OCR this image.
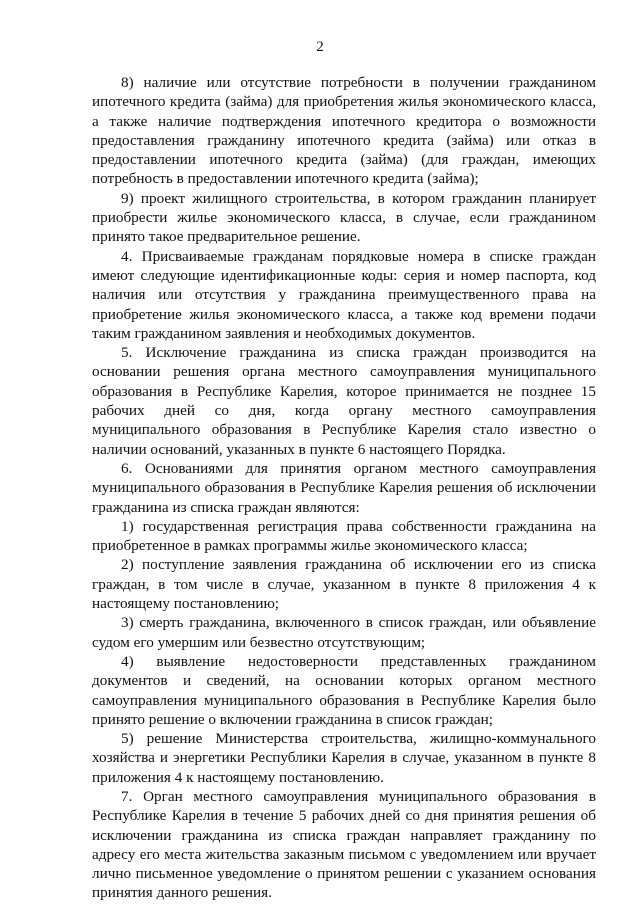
2

8) наличие или отсутствие потребности в получении гражданином ипотечного кредита (займа) для приобретения жилья экономического класса, а также наличие подтверждения ипотечного кредитора о возможности предоставления гражданину ипотечного кредита (займа) или отказ в предоставлении ипотечного кредита (займа) (для граждан, имеющих потребность в предоставлении ипотечного кредита (займа);

9) проект жилищного строительства, в котором гражданин планирует приобрести жилье экономического класса, в случае, если гражданином принято такое предварительное решение.

4. Присваиваемые гражданам порядковые номера в списке граждан имеют следующие идентификационные коды: серия и номер паспорта, код наличия или отсутствия у гражданина преимущественного права на приобретение жилья экономического класса, а также код времени подачи таким гражданином заявления и необходимых документов.

5. Исключение гражданина из списка граждан производится на основании решения органа местного самоуправления муниципального образования в Республике Карелия, которое принимается не позднее 15 рабочих дней со дня, когда органу местного самоуправления муниципального образования в Республике Карелия стало известно о наличии оснований, указанных в пункте 6 настоящего Порядка.

6. Основаниями для принятия органом местного самоуправления муниципального образования в Республике Карелия решения об исключении гражданина из списка граждан являются:

1) государственная регистрация права собственности гражданина на приобретенное в рамках программы жилье экономического класса;

2) поступление заявления гражданина об исключении его из списка граждан, в том числе в случае, указанном в пункте 8 приложения 4 к настоящему постановлению;

3) смерть гражданина, включенного в список граждан, или объявление судом его умершим или безвестно отсутствующим;

4) выявление недостоверности представленных гражданином документов и сведений, на основании которых органом местного самоуправления муниципального образования в Республике Карелия было принято решение о включении гражданина в список граждан;

5) решение Министерства строительства, жилищно-коммунального хозяйства и энергетики Республики Карелия в случае, указанном в пункте 8 приложения 4 к настоящему постановлению.

7. Орган местного самоуправления муниципального образования в Республике Карелия в течение 5 рабочих дней со дня принятия решения об исключении гражданина из списка граждан направляет гражданину по адресу его места жительства заказным письмом с уведомлением или вручает лично письменное уведомление о принятом решении с указанием основания принятия данного решения.
